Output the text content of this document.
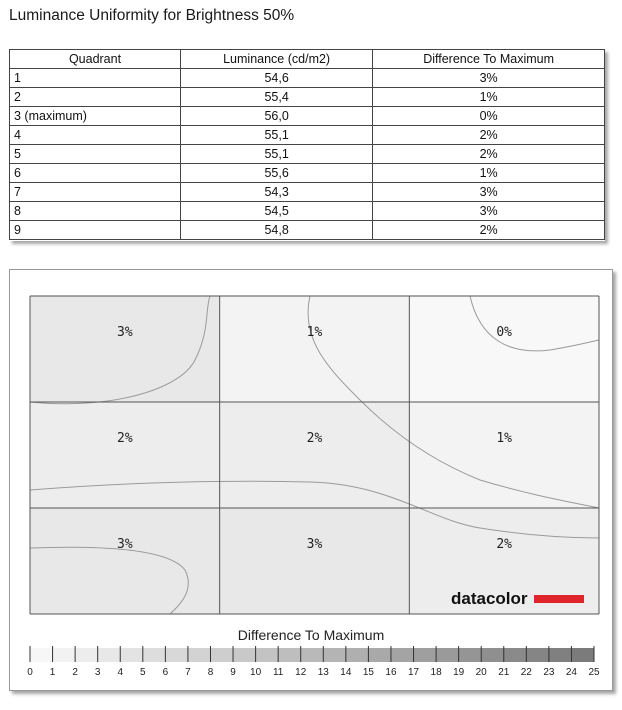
Luminance Uniformity for Brightness 50%
Quadrant	Luminance (cd/m2)	Difference To Maximum
1	54,6	3%
2	55,4	1%
3 (maximum)	56,0	0%
4	55,1	2%
5	55,1	2%
6	55,6	1%
7	54,3	3%
8	54,5	3%
9	54,8	2%
3%	1%	0%
2%	2%	1%
3%	3%	2%
datacolor
Difference To Maximum
0 1 2 3 4 5 6 7 8 9 10 11 12 13 14 15 16 17 18 19 20 21 22 23 24 25
